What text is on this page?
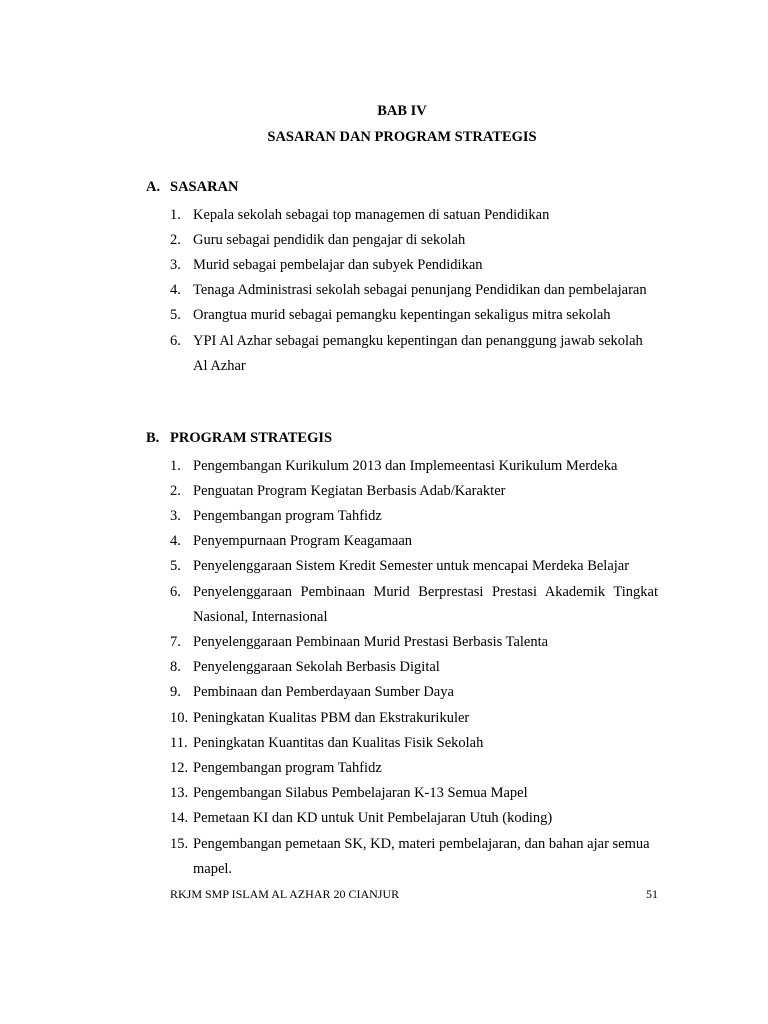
BAB IV
SASARAN DAN PROGRAM STRATEGIS
A. SASARAN
1. Kepala sekolah sebagai top managemen di satuan Pendidikan
2. Guru sebagai pendidik dan pengajar di sekolah
3. Murid sebagai pembelajar dan subyek Pendidikan
4. Tenaga Administrasi sekolah sebagai penunjang Pendidikan dan pembelajaran
5. Orangtua murid sebagai pemangku kepentingan sekaligus mitra sekolah
6. YPI Al Azhar sebagai pemangku kepentingan dan penanggung jawab sekolah Al Azhar
B. PROGRAM STRATEGIS
1. Pengembangan Kurikulum 2013 dan Implemeentasi Kurikulum Merdeka
2. Penguatan Program Kegiatan Berbasis Adab/Karakter
3. Pengembangan program Tahfidz
4. Penyempurnaan Program Keagamaan
5. Penyelenggaraan Sistem Kredit Semester untuk mencapai Merdeka Belajar
6. Penyelenggaraan Pembinaan Murid Berprestasi Prestasi Akademik Tingkat Nasional, Internasional
7. Penyelenggaraan Pembinaan Murid Prestasi Berbasis Talenta
8. Penyelenggaraan Sekolah Berbasis Digital
9. Pembinaan dan Pemberdayaan Sumber Daya
10. Peningkatan Kualitas PBM dan Ekstrakurikuler
11. Peningkatan Kuantitas dan Kualitas Fisik Sekolah
12. Pengembangan program Tahfidz
13. Pengembangan Silabus Pembelajaran K-13 Semua Mapel
14. Pemetaan KI dan KD untuk Unit Pembelajaran Utuh (koding)
15. Pengembangan pemetaan SK, KD, materi pembelajaran, dan bahan ajar semua mapel.
RKJM SMP ISLAM AL AZHAR 20 CIANJUR	51
